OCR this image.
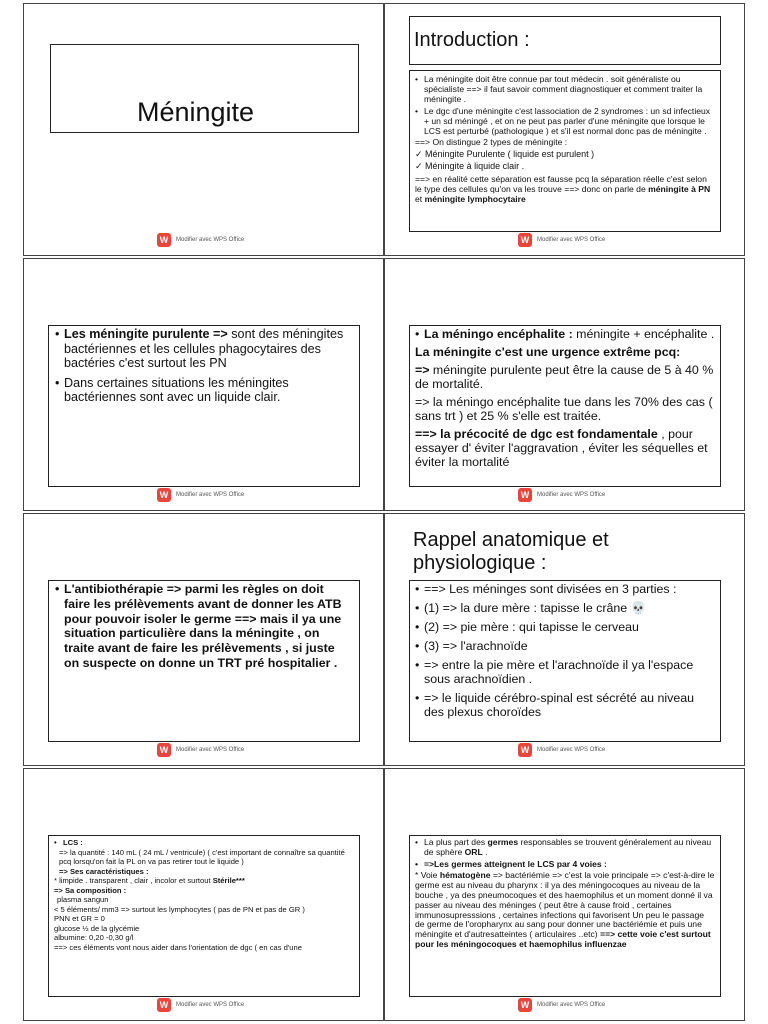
Méningite
W	Modifier avec WPS Office
Introduction :

• La méningite doit être connue par tout médecin . soit généraliste ou spécialiste ==> il faut savoir comment diagnostiquer et comment traiter la méningite .

• Le dgc d'une méningite c'est lassociation de 2 syndromes : un sd infectieux + un sd méningé , et on ne peut pas parler d'une méningite que lorsque le LCS est perturbé (pathologique ) et s'il est normal donc pas de méningite .

==> On distingue 2 types de méningite :

✓ Méningite Purulente ( liquide est purulent )

✓ Méningite à liquide clair .

==> en réalité cette séparation est fausse pcq la séparation réelle c'est selon le type des cellules qu'on va les trouve ==> donc on parle de méningite à PN et méningite lymphocytaire

W	Modifier avec WPS Office

• Les méningite purulente => sont des méningites bactériennes et les cellules phagocytaires des bactéries c'est surtout les PN

• Dans certaines situations les méningites bactériennes sont avec un liquide clair.

W	Modifier avec WPS Office

• La méningo encéphalite : méningite + encéphalite .

La méningite c'est une urgence extrême pcq:

=> méningite purulente peut être la cause de 5 à 40 % de mortalité.

=> la méningo encéphalite tue dans les 70% des cas ( sans trt ) et 25 % s'elle est traitée.

==> la précocité de dgc est fondamentale , pour essayer d' éviter l'aggravation , éviter les séquelles et éviter la mortalité

W	Modifier avec WPS Office

• L'antibiothérapie => parmi les règles on doit faire les prélèvements avant de donner les ATB pour pouvoir isoler le germe ==> mais il ya une situation particulière dans la méningite , on traite avant de faire les prélèvements , si juste on suspecte on donne un TRT pré hospitalier .

W	Modifier avec WPS Office
Rappel anatomique et physiologique :

• ==> Les méninges sont divisées en 3 parties :

• (1) => la dure mère : tapisse le crâne 💀

• (2) => pie mère : qui tapisse le cerveau

• (3) => l'arachnoïde

• => entre la pie mère et l'arachnoïde il ya l'espace sous arachnoïdien .

• => le liquide cérébro-spinal est sécrété au niveau des plexus choroïdes

W	Modifier avec WPS Office

• LCS :

=> la quantité : 140 mL ( 24 mL / ventricule) ( c'est important de connaître sa quantité pcq lorsqu'on fait la PL on va pas retirer tout le liquide )

=> Ses caractéristiques :

* limpide . transparent , clair , incolor et surtout Stérile***

=> Sa composition :

plasma sangun

< 5 éléments/ mm3 => surtout les lymphocytes ( pas de PN et pas de GR )

PNN et GR = 0

glucose ½ de la glycémie

albumine: 0,20 -0,30 g/l

==> ces éléments vont nous aider dans l'orientation de dgc ( en cas d'une

W	Modifier avec WPS Office

• La plus part des germes responsables se trouvent généralement au niveau de sphère ORL .

• =>Les germes atteignent le LCS par 4 voies :

* Voie hématogène => bactériémie => c'est la voie principale => c'est-à-dire le germe est au niveau du pharynx : il ya des méningocoques au niveau de la bouche , ya des pneumocoques et des haemophilus et un moment donné il va passer au niveau des méninges ( peut être à cause froid , certaines immunosupresssions , certaines infections qui favorisent Un peu le passage de germe de l'oropharynx au sang pour donner une bactériémie et puis une méningite et d'autresatteintes ( articulaires ..etc) ==> cette voie c'est surtout pour les méningocoques et haemophilus influenzae

W	Modifier avec WPS Office
